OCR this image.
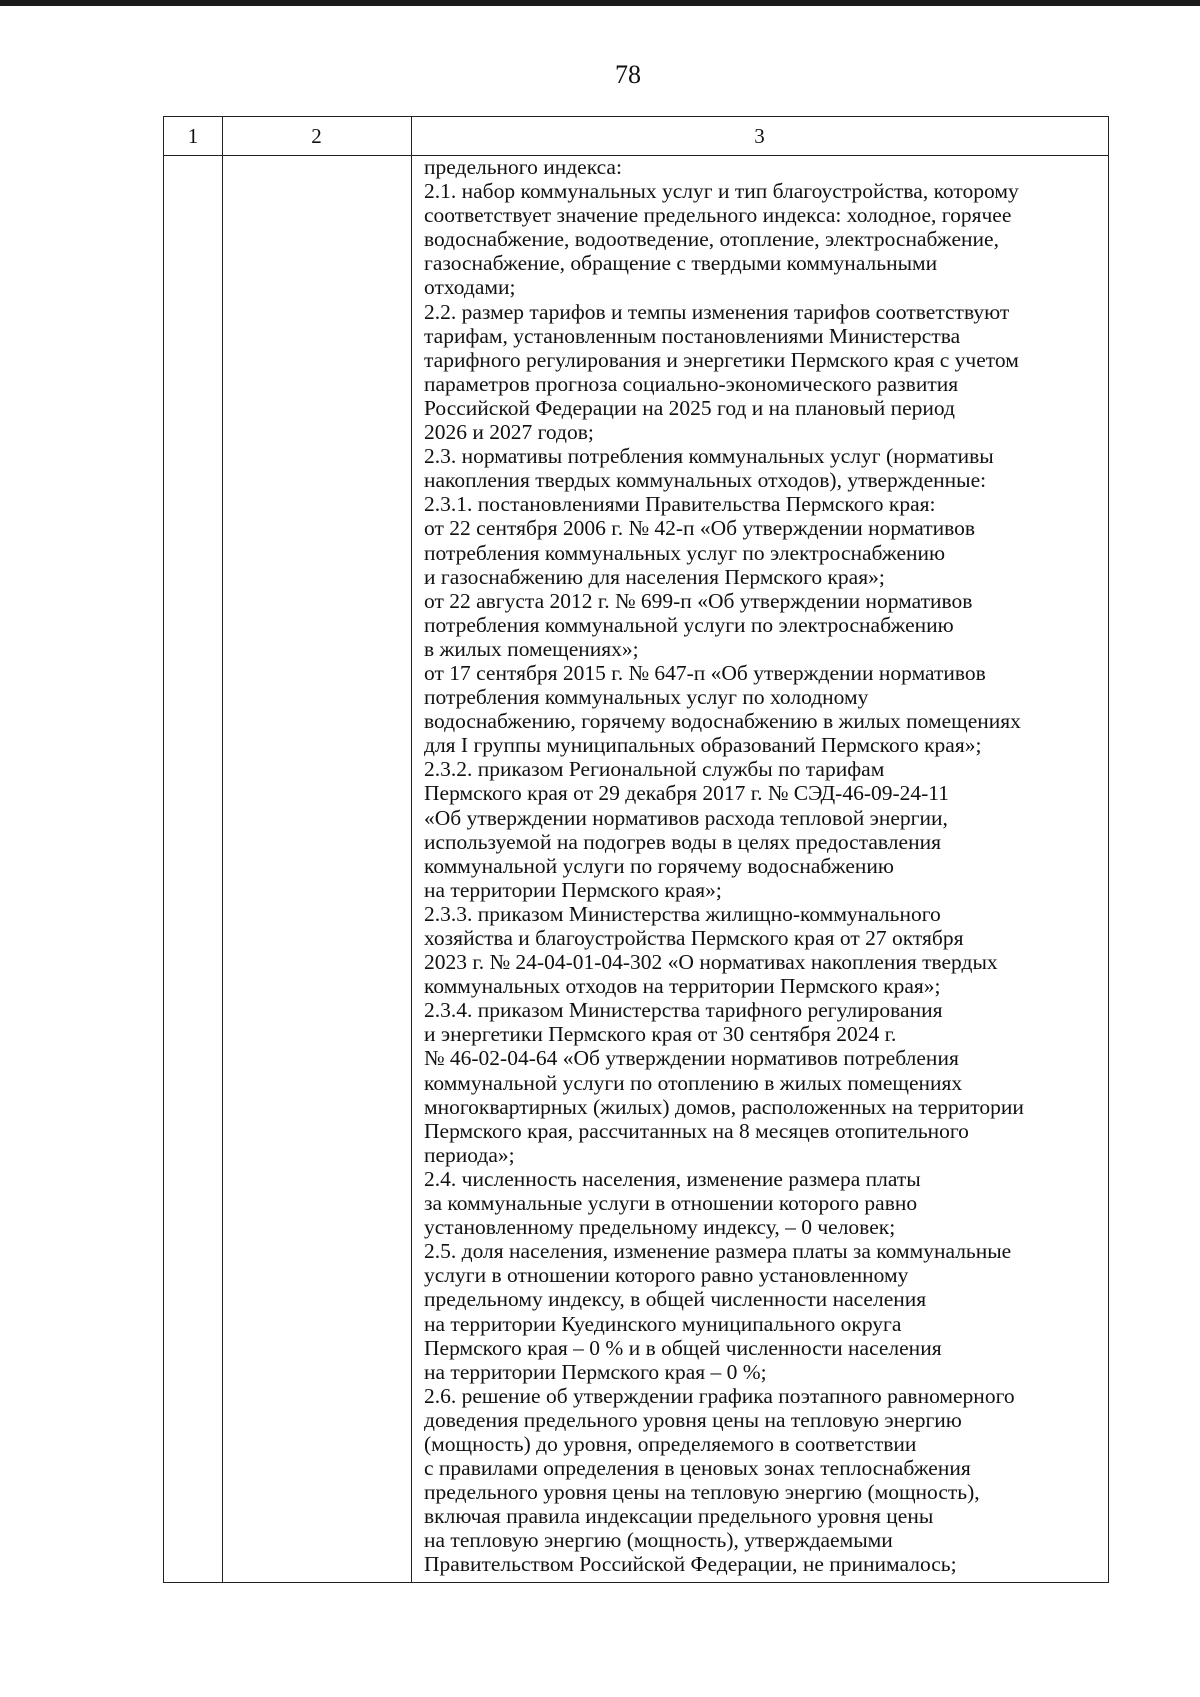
78
1	2	3
предельного индекса:
2.1. набор коммунальных услуг и тип благоустройства, которому
соответствует значение предельного индекса: холодное, горячее
водоснабжение, водоотведение, отопление, электроснабжение,
газоснабжение, обращение с твердыми коммунальными
отходами;
2.2. размер тарифов и темпы изменения тарифов соответствуют
тарифам, установленным постановлениями Министерства
тарифного регулирования и энергетики Пермского края с учетом
параметров прогноза социально-экономического развития
Российской Федерации на 2025 год и на плановый период
2026 и 2027 годов;
2.3. нормативы потребления коммунальных услуг (нормативы
накопления твердых коммунальных отходов), утвержденные:
2.3.1. постановлениями Правительства Пермского края:
от 22 сентября 2006 г. № 42-п «Об утверждении нормативов
потребления коммунальных услуг по электроснабжению
и газоснабжению для населения Пермского края»;
от 22 августа 2012 г. № 699-п «Об утверждении нормативов
потребления коммунальной услуги по электроснабжению
в жилых помещениях»;
от 17 сентября 2015 г. № 647-п «Об утверждении нормативов
потребления коммунальных услуг по холодному
водоснабжению, горячему водоснабжению в жилых помещениях
для I группы муниципальных образований Пермского края»;
2.3.2. приказом Региональной службы по тарифам
Пермского края от 29 декабря 2017 г. № СЭД-46-09-24-11
«Об утверждении нормативов расхода тепловой энергии,
используемой на подогрев воды в целях предоставления
коммунальной услуги по горячему водоснабжению
на территории Пермского края»;
2.3.3. приказом Министерства жилищно-коммунального
хозяйства и благоустройства Пермского края от 27 октября
2023 г. № 24-04-01-04-302 «О нормативах накопления твердых
коммунальных отходов на территории Пермского края»;
2.3.4. приказом Министерства тарифного регулирования
и энергетики Пермского края от 30 сентября 2024 г.
№ 46-02-04-64 «Об утверждении нормативов потребления
коммунальной услуги по отоплению в жилых помещениях
многоквартирных (жилых) домов, расположенных на территории
Пермского края, рассчитанных на 8 месяцев отопительного
периода»;
2.4. численность населения, изменение размера платы
за коммунальные услуги в отношении которого равно
установленному предельному индексу, – 0 человек;
2.5. доля населения, изменение размера платы за коммунальные
услуги в отношении которого равно установленному
предельному индексу, в общей численности населения
на территории Куединского муниципального округа
Пермского края – 0 % и в общей численности населения
на территории Пермского края – 0 %;
2.6. решение об утверждении графика поэтапного равномерного
доведения предельного уровня цены на тепловую энергию
(мощность) до уровня, определяемого в соответствии
с правилами определения в ценовых зонах теплоснабжения
предельного уровня цены на тепловую энергию (мощность),
включая правила индексации предельного уровня цены
на тепловую энергию (мощность), утверждаемыми
Правительством Российской Федерации, не принималось;
